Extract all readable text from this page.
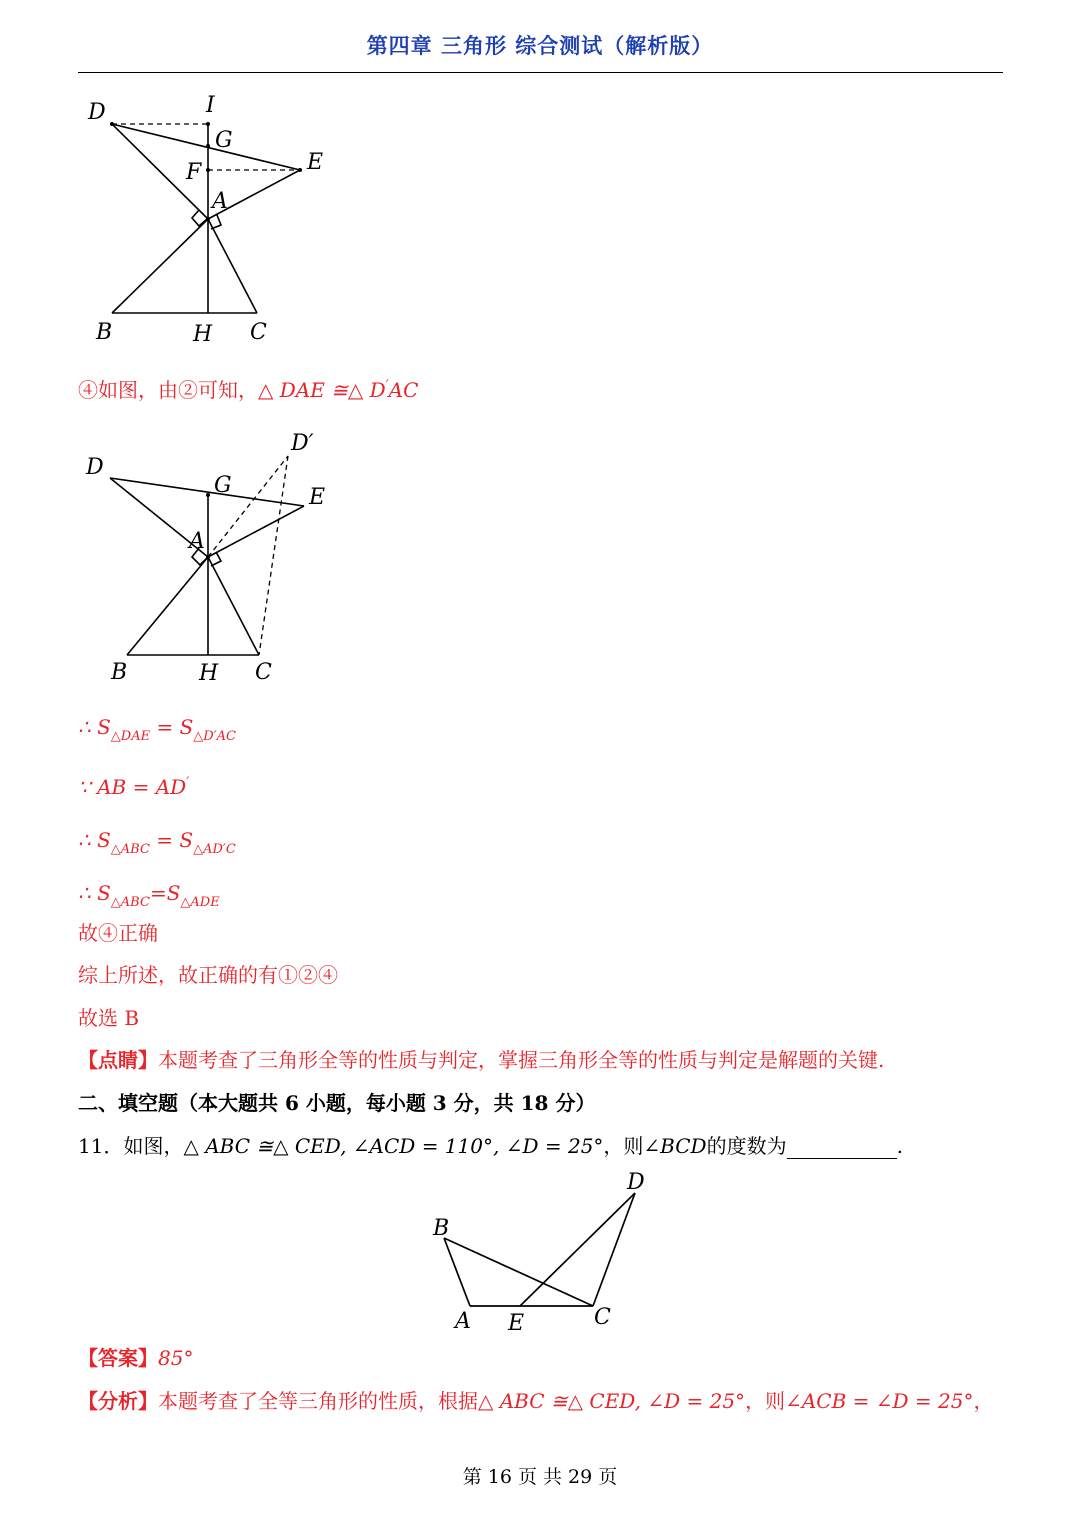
第四章 三角形 综合测试（解析版）
D	I
G
E
F
A
B	H C
④如图，由②可知，△ DAE ≅△ D′AC
D′
D
G	E
A
B	H C
∴ $S_{\triangle DAE} = S_{\triangle D'AC}$
∵ AB = AD′
∴ $S_{\triangle ABC} = S_{\triangle AD'C}$
∴ $S_{\triangle ABC}=S_{\triangle ADE}$
故④正确
综上所述，故正确的有①②④
故选 B
【点睛】本题考查了三角形全等的性质与判定，掌握三角形全等的性质与判定是解题的关键.
二、填空题（本大题共 6 小题，每小题 3 分，共 18 分）
11．如图，△ ABC ≅△ CED, ∠ACD = 110°, ∠D = 25°，则∠BCD的度数为	.
D
B
A E	C
【答案】85°
【分析】本题考查了全等三角形的性质，根据△ ABC ≅△ CED, ∠D = 25°，则∠ACB = ∠D = 25°，
第 16 页 共 29 页
